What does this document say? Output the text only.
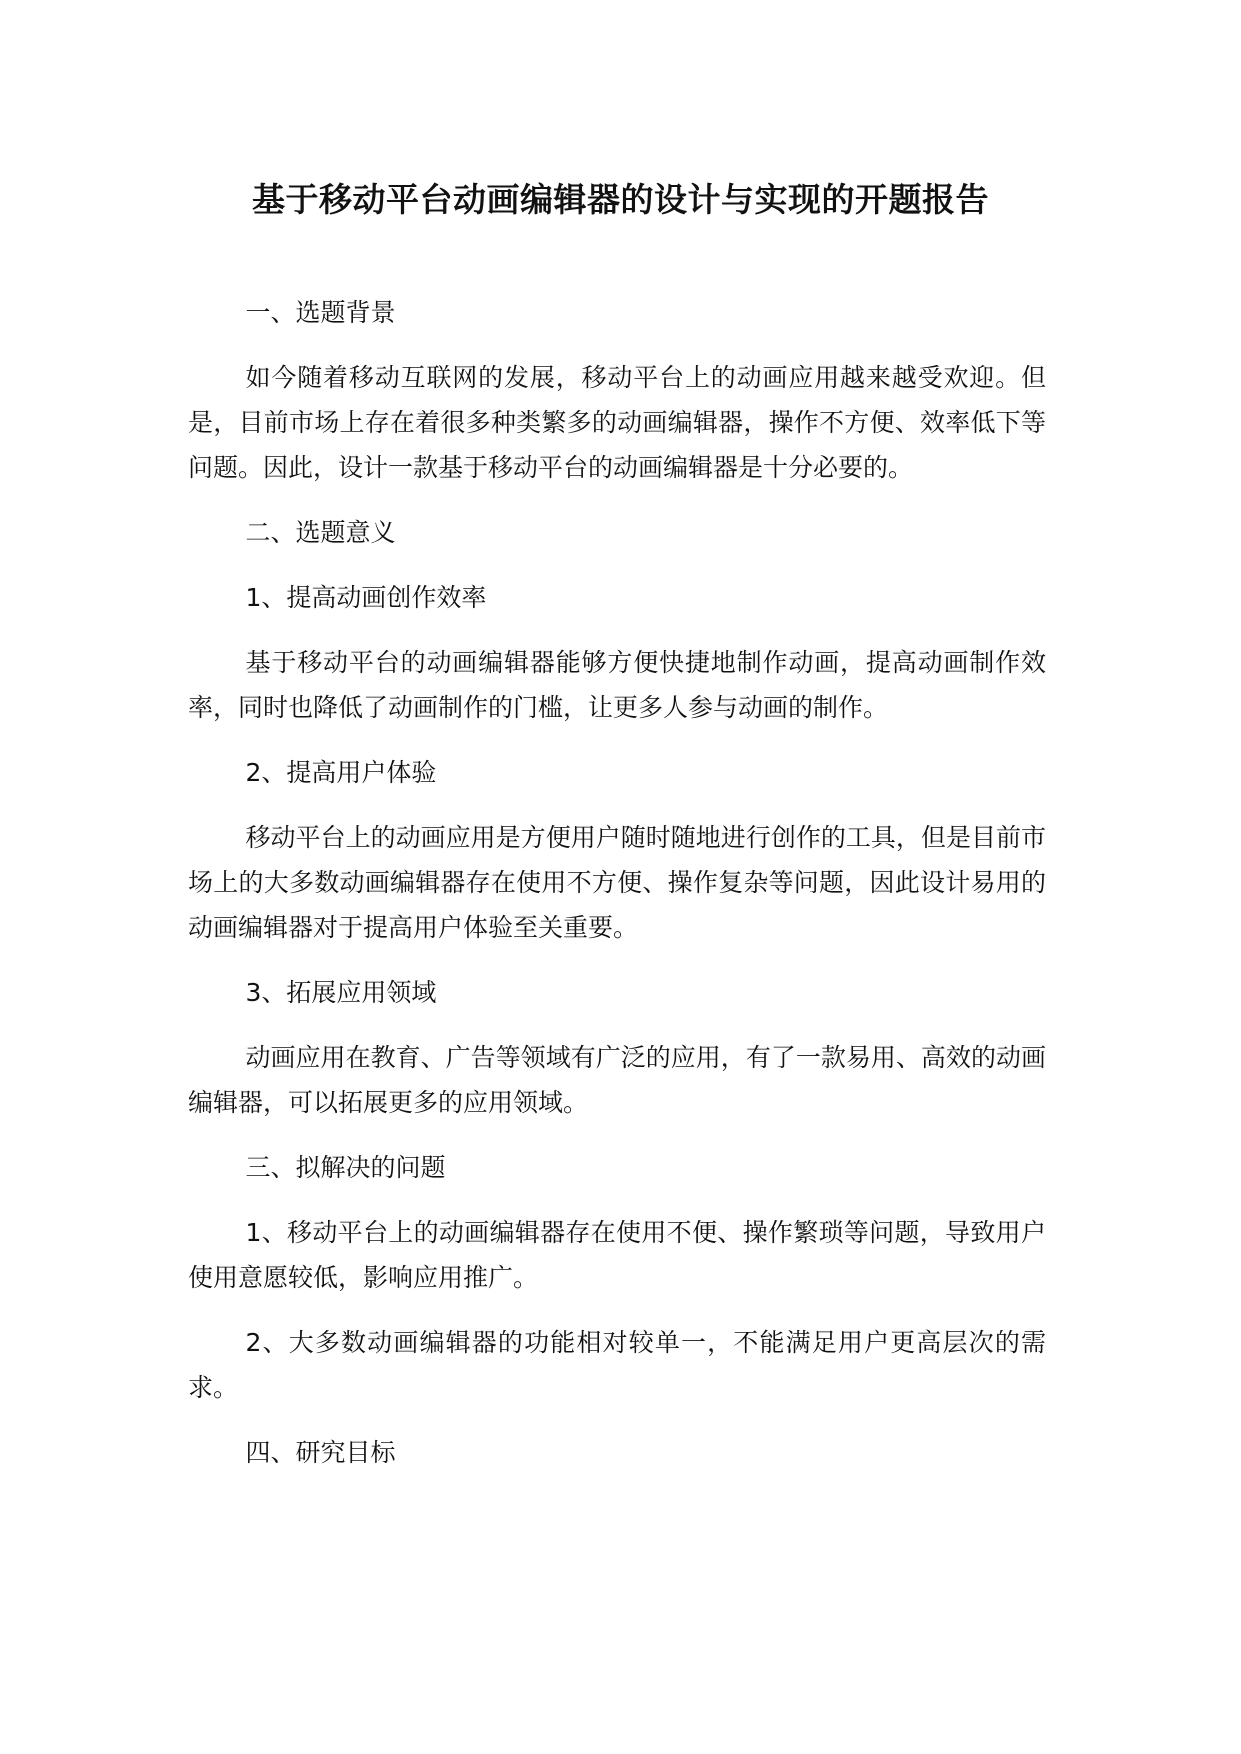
基于移动平台动画编辑器的设计与实现的开题报告

一、选题背景

如今随着移动互联网的发展，移动平台上的动画应用越来越受欢迎。但是，目前市场上存在着很多种类繁多的动画编辑器，操作不方便、效率低下等问题。因此，设计一款基于移动平台的动画编辑器是十分必要的。

二、选题意义

1、提高动画创作效率

基于移动平台的动画编辑器能够方便快捷地制作动画，提高动画制作效率，同时也降低了动画制作的门槛，让更多人参与动画的制作。

2、提高用户体验

移动平台上的动画应用是方便用户随时随地进行创作的工具，但是目前市场上的大多数动画编辑器存在使用不方便、操作复杂等问题，因此设计易用的动画编辑器对于提高用户体验至关重要。

3、拓展应用领域

动画应用在教育、广告等领域有广泛的应用，有了一款易用、高效的动画编辑器，可以拓展更多的应用领域。

三、拟解决的问题

1、移动平台上的动画编辑器存在使用不便、操作繁琐等问题，导致用户使用意愿较低，影响应用推广。

2、大多数动画编辑器的功能相对较单一，不能满足用户更高层次的需求。

四、研究目标
